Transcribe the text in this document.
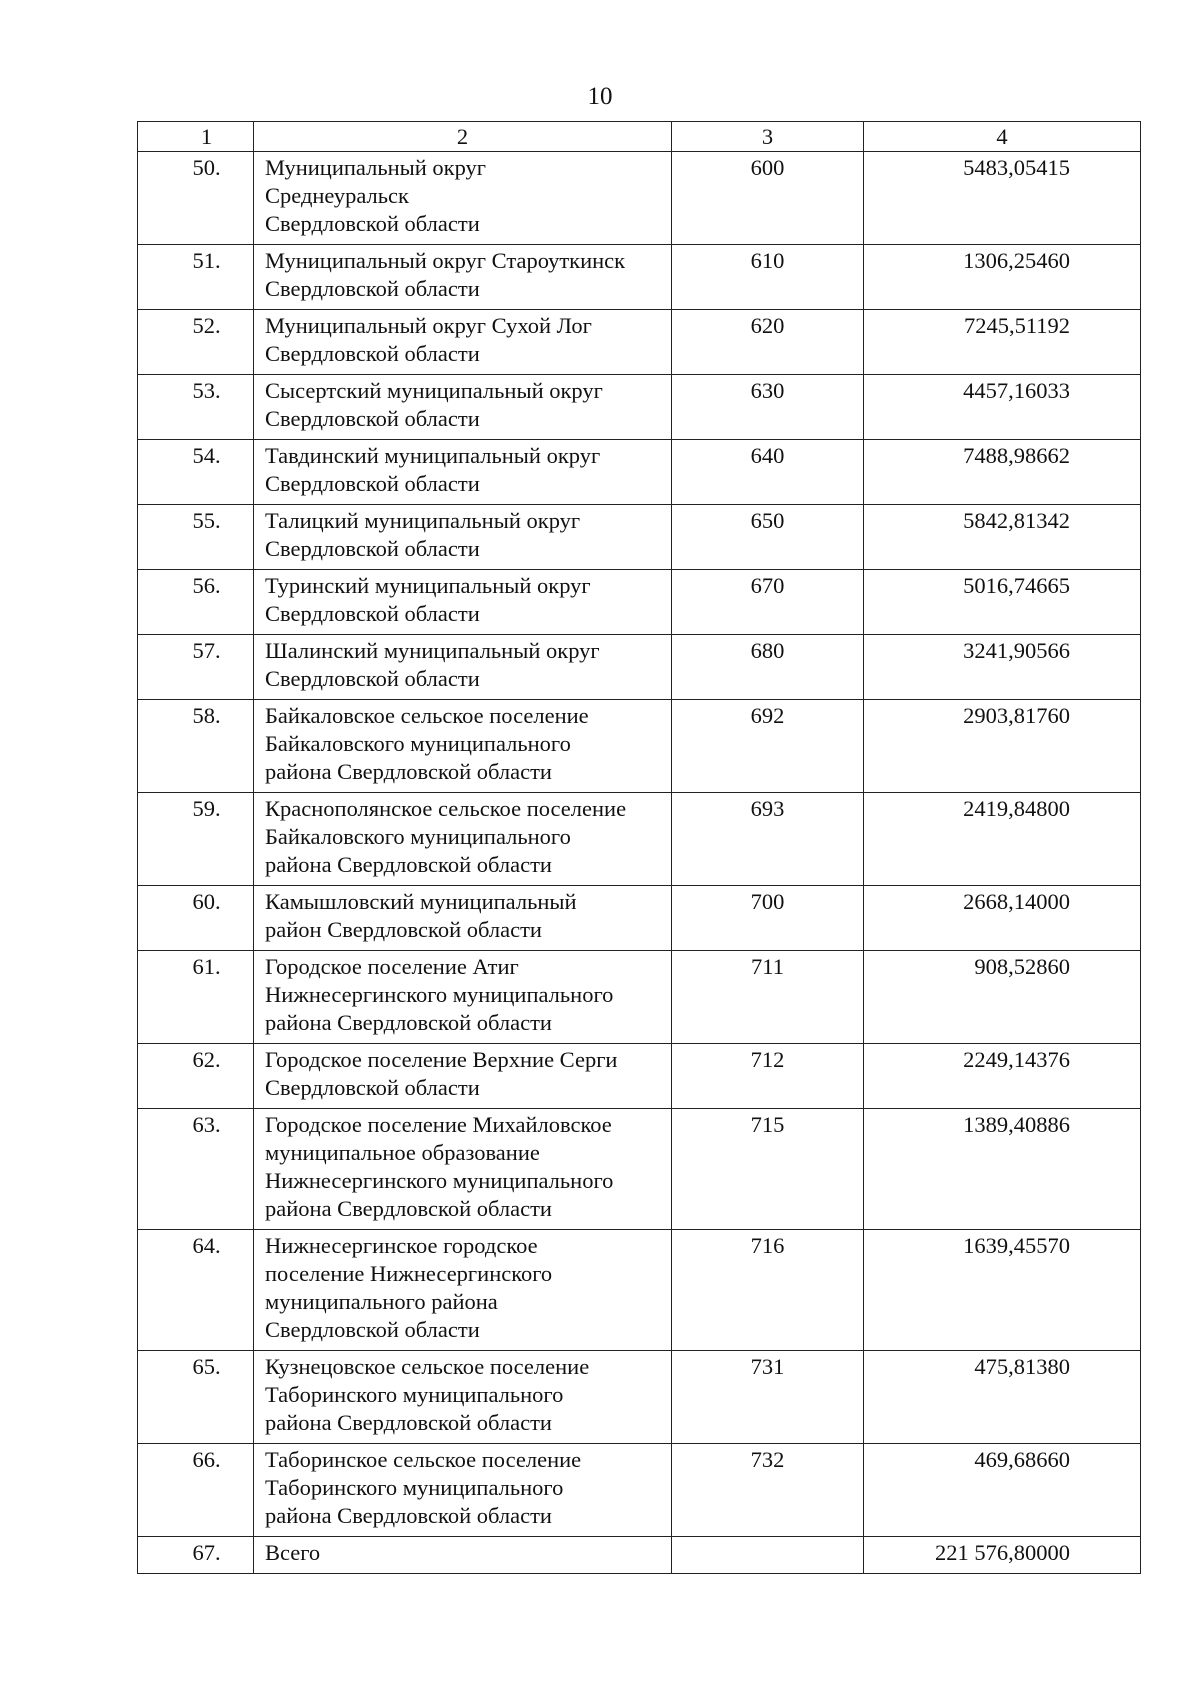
10
1	2	3	4
50.	Муниципальный округ
Среднеуральск
Свердловской области	600	5483,05415
51.	Муниципальный округ Староуткинск
Свердловской области	610	1306,25460
52.	Муниципальный округ Сухой Лог
Свердловской области	620	7245,51192
53.	Сысертский муниципальный округ
Свердловской области	630	4457,16033
54.	Тавдинский муниципальный округ
Свердловской области	640	7488,98662
55.	Талицкий муниципальный округ
Свердловской области	650	5842,81342
56.	Туринский муниципальный округ
Свердловской области	670	5016,74665
57.	Шалинский муниципальный округ
Свердловской области	680	3241,90566
58.	Байкаловское сельское поселение
Байкаловского муниципального
района Свердловской области	692	2903,81760
59.	Краснополянское сельское поселение
Байкаловского муниципального
района Свердловской области	693	2419,84800
60.	Камышловский муниципальный
район Свердловской области	700	2668,14000
61.	Городское поселение Атиг
Нижнесергинского муниципального
района Свердловской области	711	908,52860
62.	Городское поселение Верхние Серги
Свердловской области	712	2249,14376
63.	Городское поселение Михайловское
муниципальное образование
Нижнесергинского муниципального
района Свердловской области	715	1389,40886
64.	Нижнесергинское городское
поселение Нижнесергинского
муниципального района
Свердловской области	716	1639,45570
65.	Кузнецовское сельское поселение
Таборинского муниципального
района Свердловской области	731	475,81380
66.	Таборинское сельское поселение
Таборинского муниципального
района Свердловской области	732	469,68660
67.	Всего		221 576,80000
